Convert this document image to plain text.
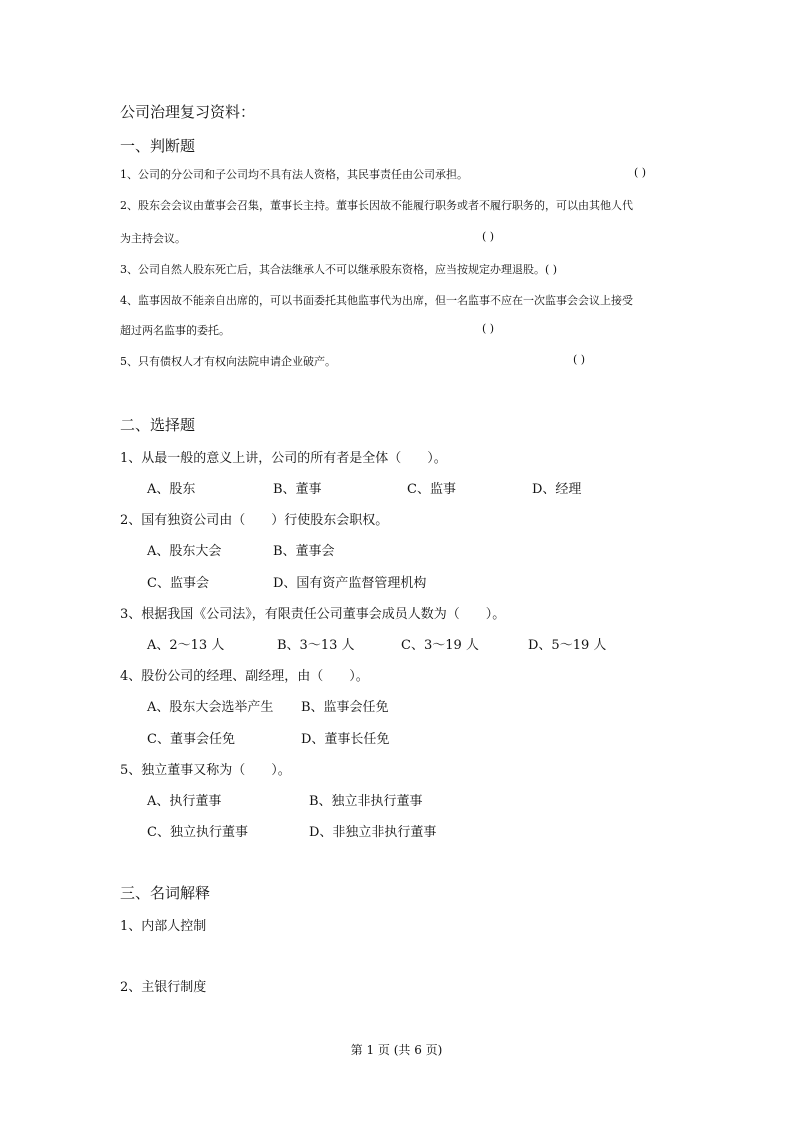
公司治理复习资料：
一、判断题
1、公司的分公司和子公司均不具有法人资格，其民事责任由公司承担。	( )
2、股东会会议由董事会召集，董事长主持。董事长因故不能履行职务或者不履行职务的，可以由其他人代
为主持会议。	( )
3、公司自然人股东死亡后，其合法继承人不可以继承股东资格，应当按规定办理退股。( )
4、监事因故不能亲自出席的，可以书面委托其他监事代为出席，但一名监事不应在一次监事会会议上接受
超过两名监事的委托。	( )
5、只有债权人才有权向法院申请企业破产。	( )
二、选择题
1、从最一般的意义上讲，公司的所有者是全体（　　）。
A、股东	B、董事	C、监事	D、经理
2、国有独资公司由（　　）行使股东会职权。
A、股东大会	B、董事会
C、监事会	D、国有资产监督管理机构
3、根据我国《公司法》，有限责任公司董事会成员人数为（　　）。
A、2～13 人	B、3～13 人	C、3～19 人	D、5～19 人
4、股份公司的经理、副经理，由（　　）。
A、股东大会选举产生 B、监事会任免
C、董事会任免	D、董事长任免
5、独立董事又称为（　　）。
A、执行董事	B、独立非执行董事
C、独立执行董事	D、非独立非执行董事
三、名词解释
1、内部人控制
2、主银行制度
第 1 页 (共 6 页)
